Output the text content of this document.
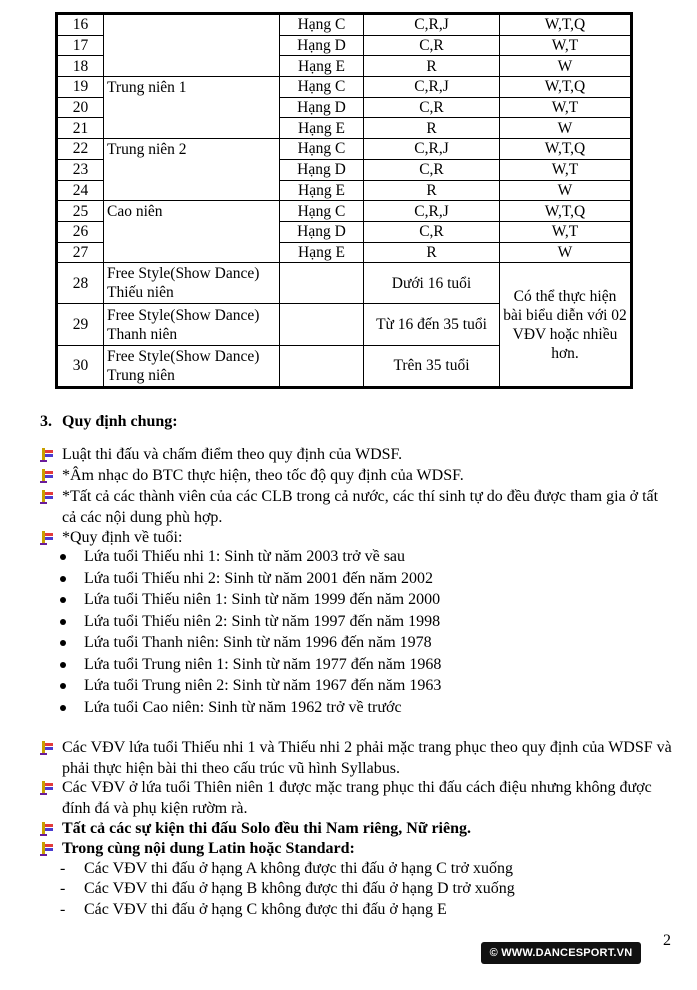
16		Hạng C	C,R,J	W,T,Q
17		Hạng D	C,R	W,T
18		Hạng E	R	W
19	Trung niên 1	Hạng C	C,R,J	W,T,Q
20		Hạng D	C,R	W,T
21		Hạng E	R	W
22	Trung niên 2	Hạng C	C,R,J	W,T,Q
23		Hạng D	C,R	W,T
24		Hạng E	R	W
25	Cao niên	Hạng C	C,R,J	W,T,Q
26		Hạng D	C,R	W,T
27		Hạng E	R	W
28	Free Style(Show Dance) Thiếu niên		Dưới 16 tuổi	Có thể thực hiện bài biểu diễn với 02 VĐV hoặc nhiều hơn.
29	Free Style(Show Dance) Thanh niên		Từ 16 đến 35 tuổi	
30	Free Style(Show Dance) Trung niên		Trên 35 tuổi	
3. Quy định chung:
Luật thi đấu và chấm điểm theo quy định của WDSF.
*Âm nhạc do BTC thực hiện, theo tốc độ quy định của WDSF.
*Tất cả các thành viên của các CLB trong cả nước, các thí sinh tự do đều được tham gia ở tất cả các nội dung phù hợp.
*Quy định về tuổi:
Lứa tuổi Thiếu nhi 1: Sinh từ năm 2003 trở về sau
Lứa tuổi Thiếu nhi 2: Sinh từ năm 2001 đến năm 2002
Lứa tuổi Thiếu niên 1: Sinh từ năm 1999 đến năm 2000
Lứa tuổi Thiếu niên 2: Sinh từ năm 1997 đến năm 1998
Lứa tuổi Thanh niên: Sinh từ năm 1996 đến năm 1978
Lứa tuổi Trung niên 1: Sinh từ năm 1977 đến năm 1968
Lứa tuổi Trung niên 2: Sinh từ năm 1967 đến năm 1963
Lứa tuổi Cao niên: Sinh từ năm 1962 trở về trước
Các VĐV lứa tuổi Thiếu nhi 1 và Thiếu nhi 2 phải mặc trang phục theo quy định của WDSF và phải thực hiện bài thi theo cấu trúc vũ hình Syllabus.
Các VĐV ở lứa tuổi Thiên niên 1 được mặc trang phục thi đấu cách điệu nhưng không được đính đá và phụ kiện rườm rà.
Tất cả các sự kiện thi đấu Solo đều thi Nam riêng, Nữ riêng.
Trong cùng nội dung Latin hoặc Standard:
- Các VĐV thi đấu ở hạng A không được thi đấu ở hạng C trở xuống
- Các VĐV thi đấu ở hạng B không được thi đấu ở hạng D trở xuống
- Các VĐV thi đấu ở hạng C không được thi đấu ở hạng E
2
© WWW.DANCESPORT.VN
